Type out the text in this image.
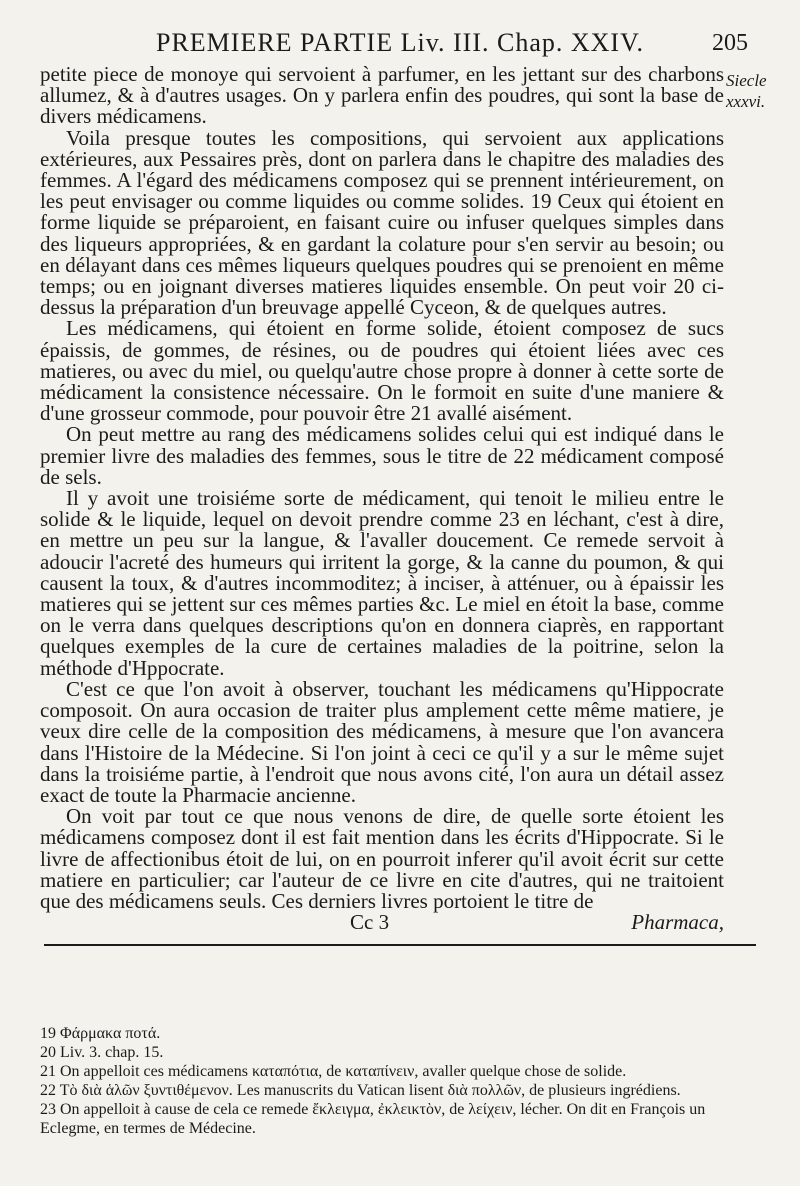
PREMIERE PARTIE Liv. III. Chap. XXIV.	205
Siecle xxxvi.

petite piece de monoye qui servoient à parfumer, en les jettant sur des charbons allumez, & à d'autres usages. On y parlera enfin des poudres, qui sont la base de divers médicamens.

Voila presque toutes les compositions, qui servoient aux applications extérieures, aux Pessaires près, dont on parlera dans le chapitre des maladies des femmes. A l'égard des médicamens composez qui se prennent intérieurement, on les peut envisager ou comme liquides ou comme solides. 19 Ceux qui étoient en forme liquide se préparoient, en faisant cuire ou infuser quelques simples dans des liqueurs appropriées, & en gardant la colature pour s'en servir au besoin; ou en délayant dans ces mêmes liqueurs quelques poudres qui se prenoient en même temps; ou en joignant diverses matieres liquides ensemble. On peut voir 20 ci-dessus la préparation d'un breuvage appellé Cyceon, & de quelques autres.

Les médicamens, qui étoient en forme solide, étoient composez de sucs épaissis, de gommes, de résines, ou de poudres qui étoient liées avec ces matieres, ou avec du miel, ou quelqu'autre chose propre à donner à cette sorte de médicament la consistence nécessaire. On le formoit en suite d'une maniere & d'une grosseur commode, pour pouvoir être 21 avallé aisément.

On peut mettre au rang des médicamens solides celui qui est indiqué dans le premier livre des maladies des femmes, sous le titre de 22 médicament composé de sels.

Il y avoit une troisiéme sorte de médicament, qui tenoit le milieu entre le solide & le liquide, lequel on devoit prendre comme 23 en léchant, c'est à dire, en mettre un peu sur la langue, & l'avaller doucement. Ce remede servoit à adoucir l'acreté des humeurs qui irritent la gorge, & la canne du poumon, & qui causent la toux, & d'autres incommoditez; à inciser, à atténuer, ou à épaissir les matieres qui se jettent sur ces mêmes parties &c. Le miel en étoit la base, comme on le verra dans quelques descriptions qu'on en donnera ciaprès, en rapportant quelques exemples de la cure de certaines maladies de la poitrine, selon la méthode d'Hppocrate.

C'est ce que l'on avoit à observer, touchant les médicamens qu'Hippocrate composoit. On aura occasion de traiter plus amplement cette même matiere, je veux dire celle de la composition des médicamens, à mesure que l'on avancera dans l'Histoire de la Médecine. Si l'on joint à ceci ce qu'il y a sur le même sujet dans la troisiéme partie, à l'endroit que nous avons cité, l'on aura un détail assez exact de toute la Pharmacie ancienne.

On voit par tout ce que nous venons de dire, de quelle sorte étoient les médicamens composez dont il est fait mention dans les écrits d'Hippocrate. Si le livre de affectionibus étoit de lui, on en pourroit inferer qu'il avoit écrit sur cette matiere en particulier; car l'auteur de ce livre en cite d'autres, qui ne traitoient que des médicamens seuls. Ces derniers livres portoient le titre de

Cc 3	Pharmaca,

19 Φάρμακα ποτά.

20 Liv. 3. chap. 15.

21 On appelloit ces médicamens καταπότια, de καταπίνειν, avaller quelque chose de solide.

22 Τὸ διὰ ἁλῶν ξυντιθέμενον. Les manuscrits du Vatican lisent διὰ πολλῶν, de plusieurs ingrédiens.

23 On appelloit à cause de cela ce remede ἔκλειγμα, ἐκλεικτὸν, de λείχειν, lécher. On dit en François un Eclegme, en termes de Médecine.
